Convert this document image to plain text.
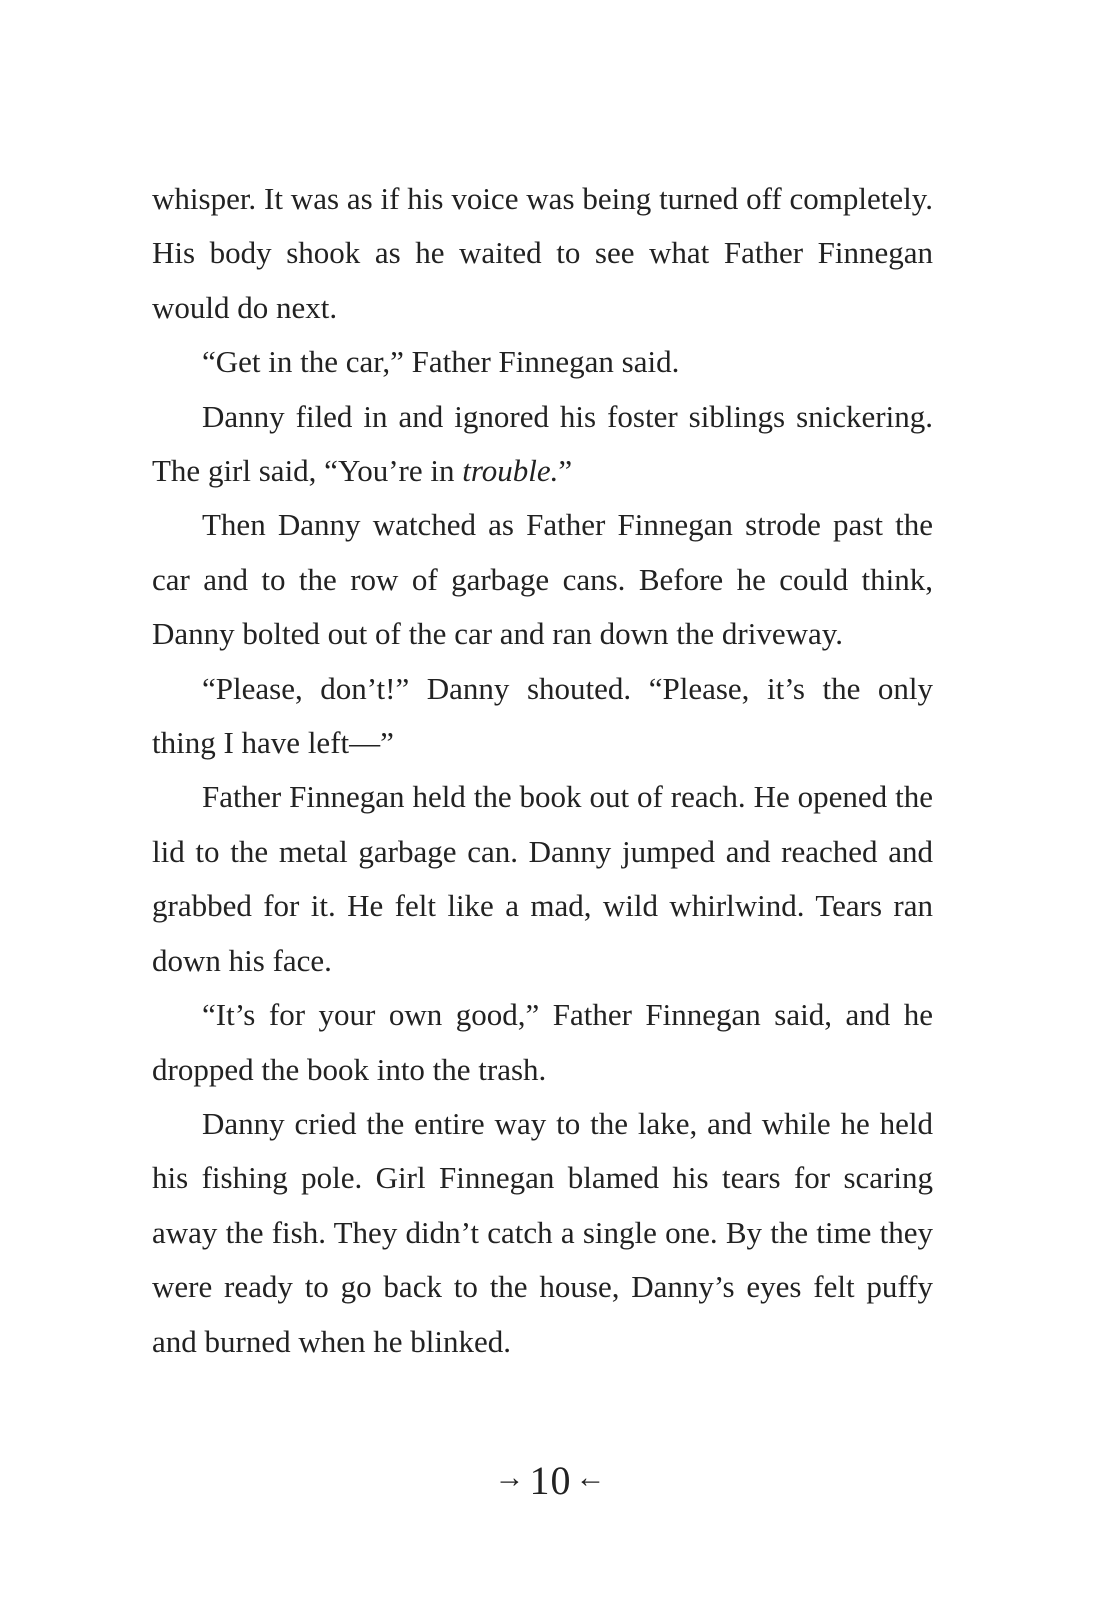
whisper. It was as if his voice was being turned off completely. His body shook as he waited to see what Father Finnegan would do next.

“Get in the car,” Father Finnegan said.

Danny filed in and ignored his foster siblings snickering. The girl said, “You’re in trouble.”

Then Danny watched as Father Finnegan strode past the car and to the row of garbage cans. Before he could think, Danny bolted out of the car and ran down the driveway.

“Please, don’t!” Danny shouted. “Please, it’s the only thing I have left—”

Father Finnegan held the book out of reach. He opened the lid to the metal garbage can. Danny jumped and reached and grabbed for it. He felt like a mad, wild whirlwind. Tears ran down his face.

“It’s for your own good,” Father Finnegan said, and he dropped the book into the trash.

Danny cried the entire way to the lake, and while he held his fishing pole. Girl Finnegan blamed his tears for scaring away the fish. They didn’t catch a single one. By the time they were ready to go back to the house, Danny’s eyes felt puffy and burned when he blinked.

→ 10 ←
